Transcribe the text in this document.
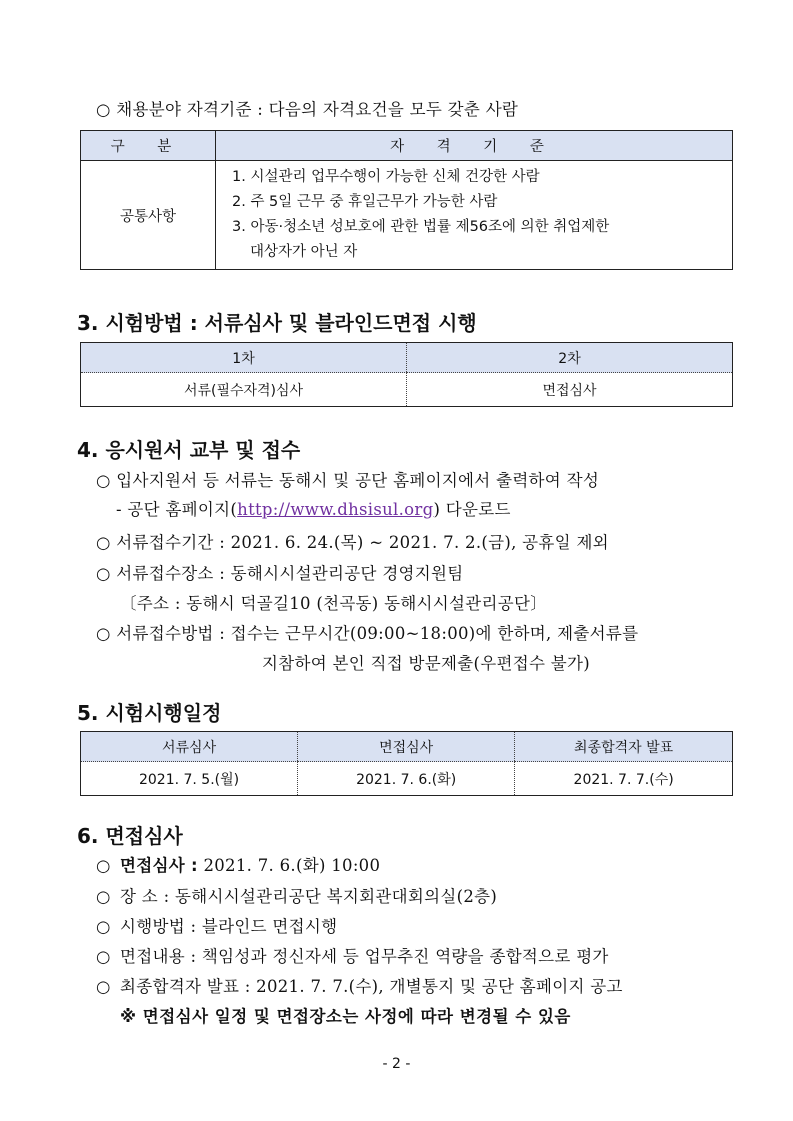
○ 채용분야 자격기준 : 다음의 자격요건을 모두 갖춘 사람
구 분	자 격 기 준
공통사항	1. 시설관리 업무수행이 가능한 신체 건강한 사람
2. 주 5일 근무 중 휴일근무가 가능한 사람
3. 아동·청소년 성보호에 관한 법률 제56조에 의한 취업제한
대상자가 아닌 자
3. 시험방법 : 서류심사 및 블라인드면접 시행
1차	2차
서류(필수자격)심사	면접심사
4. 응시원서 교부 및 접수
○ 입사지원서 등 서류는 동해시 및 공단 홈페이지에서 출력하여 작성
- 공단 홈페이지(http://www.dhsisul.org) 다운로드
○ 서류접수기간 : 2021. 6. 24.(목) ~ 2021. 7. 2.(금), 공휴일 제외
○ 서류접수장소 : 동해시시설관리공단 경영지원팀
〔주소 : 동해시 덕골길10 (천곡동) 동해시시설관리공단〕
○ 서류접수방법 : 접수는 근무시간(09:00~18:00)에 한하며, 제출서류를
지참하여 본인 직접 방문제출(우편접수 불가)
5. 시험시행일정
서류심사	면접심사	최종합격자 발표
2021. 7. 5.(월)	2021. 7. 6.(화)	2021. 7. 7.(수)
6. 면접심사
○ 면접심사 : 2021. 7. 6.(화) 10:00
○ 장 소 : 동해시시설관리공단 복지회관대회의실(2층)
○ 시행방법 : 블라인드 면접시행
○ 면접내용 : 책임성과 정신자세 등 업무추진 역량을 종합적으로 평가
○ 최종합격자 발표 : 2021. 7. 7.(수), 개별통지 및 공단 홈페이지 공고
※ 면접심사 일정 및 면접장소는 사정에 따라 변경될 수 있음
- 2 -
